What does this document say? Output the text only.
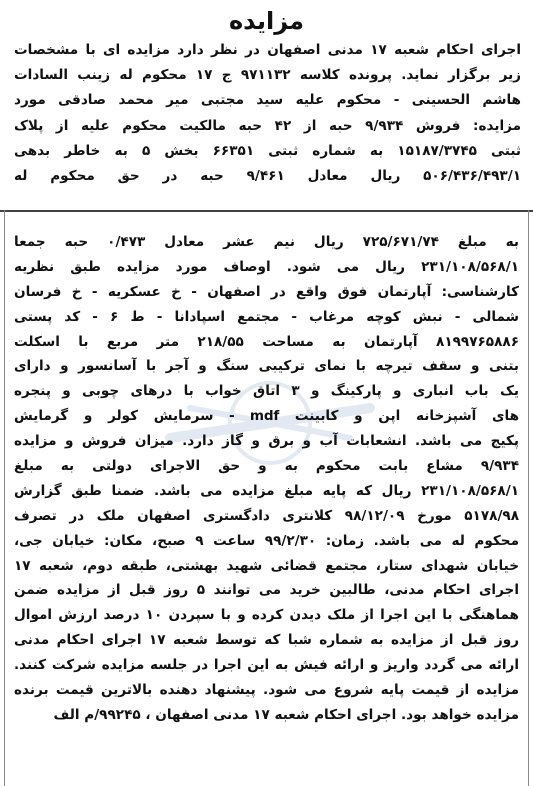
مزایده
اجرای احکام شعبه ۱۷ مدنی اصفهان در نظر دارد مزایده ای با مشخصات
زیر برگزار نماید. پرونده کلاسه ۹۷۱۱۳۲ ج ۱۷ محکوم له زینب السادات
هاشم الحسینی - محکوم علیه سید مجتبی میر محمد صادقی مورد
مزایده: فروش ۹/۹۳۴ حبه از ۴۲ حبه مالکیت محکوم علیه از پلاک
ثبتی ۱۵۱۸۷/۳۷۴۵ به شماره ثبتی ۶۶۳۵۱ بخش ۵ به خاطر بدهی
۵۰۶/۴۳۶/۴۹۳/۱ ریال معادل ۹/۴۶۱ حبه در حق محکوم له
به مبلغ ۷۲۵/۶۷۱/۷۴ ریال نیم عشر معادل ۰/۴۷۳ حبه جمعا
۲۳۱/۱۰۸/۵۶۸/۱ ریال می شود. اوصاف مورد مزایده طبق نظریه
کارشناسی: آپارتمان فوق واقع در اصفهان - خ عسکریه - خ فرسان
شمالی - نبش کوچه مرغاب - مجتمع اسپادانا - ط ۶ - کد پستی
۸۱۹۹۷۶۵۸۸۶ آپارتمان به مساحت ۲۱۸/۵۵ متر مربع با اسکلت
بتنی و سقف تیرچه با نمای ترکیبی سنگ و آجر با آسانسور و دارای
یک باب انباری و پارکینگ و ۳ اتاق خواب با درهای چوبی و پنجره
های آشپزخانه اپن و کابینت mdf - سرمایش کولر و گرمایش
پکیج می باشد. انشعابات آب و برق و گاز دارد. میزان فروش و مزایده
۹/۹۳۴ مشاع بابت محکوم به و حق الاجرای دولتی به مبلغ
۲۳۱/۱۰۸/۵۶۸/۱ ریال که پایه مبلغ مزایده می باشد. ضمنا طبق گزارش
۵۱۷۸/۹۸ مورخ ۹۸/۱۲/۰۹ کلانتری دادگستری اصفهان ملک در تصرف
محکوم له می باشد. زمان: ۹۹/۲/۳۰ ساعت ۹ صبح، مکان: خیابان جی،
خیابان شهدای ستار، مجتمع قضائی شهید بهشتی، طبقه دوم، شعبه ۱۷
اجرای احکام مدنی، طالبین خرید می توانند ۵ روز قبل از مزایده ضمن
هماهنگی با این اجرا از ملک دیدن کرده و با سپردن ۱۰ درصد ارزش اموال
روز قبل از مزایده به شماره شبا که توسط شعبه ۱۷ اجرای احکام مدنی
ارائه می گردد واریز و ارائه فیش به این اجرا در جلسه مزایده شرکت کنند.
مزایده از قیمت پایه شروع می شود. پیشنهاد دهنده بالاترین قیمت برنده
مزایده خواهد بود. اجرای احکام شعبه ۱۷ مدنی اصفهان ، ۹۹۲۴۵/م الف
